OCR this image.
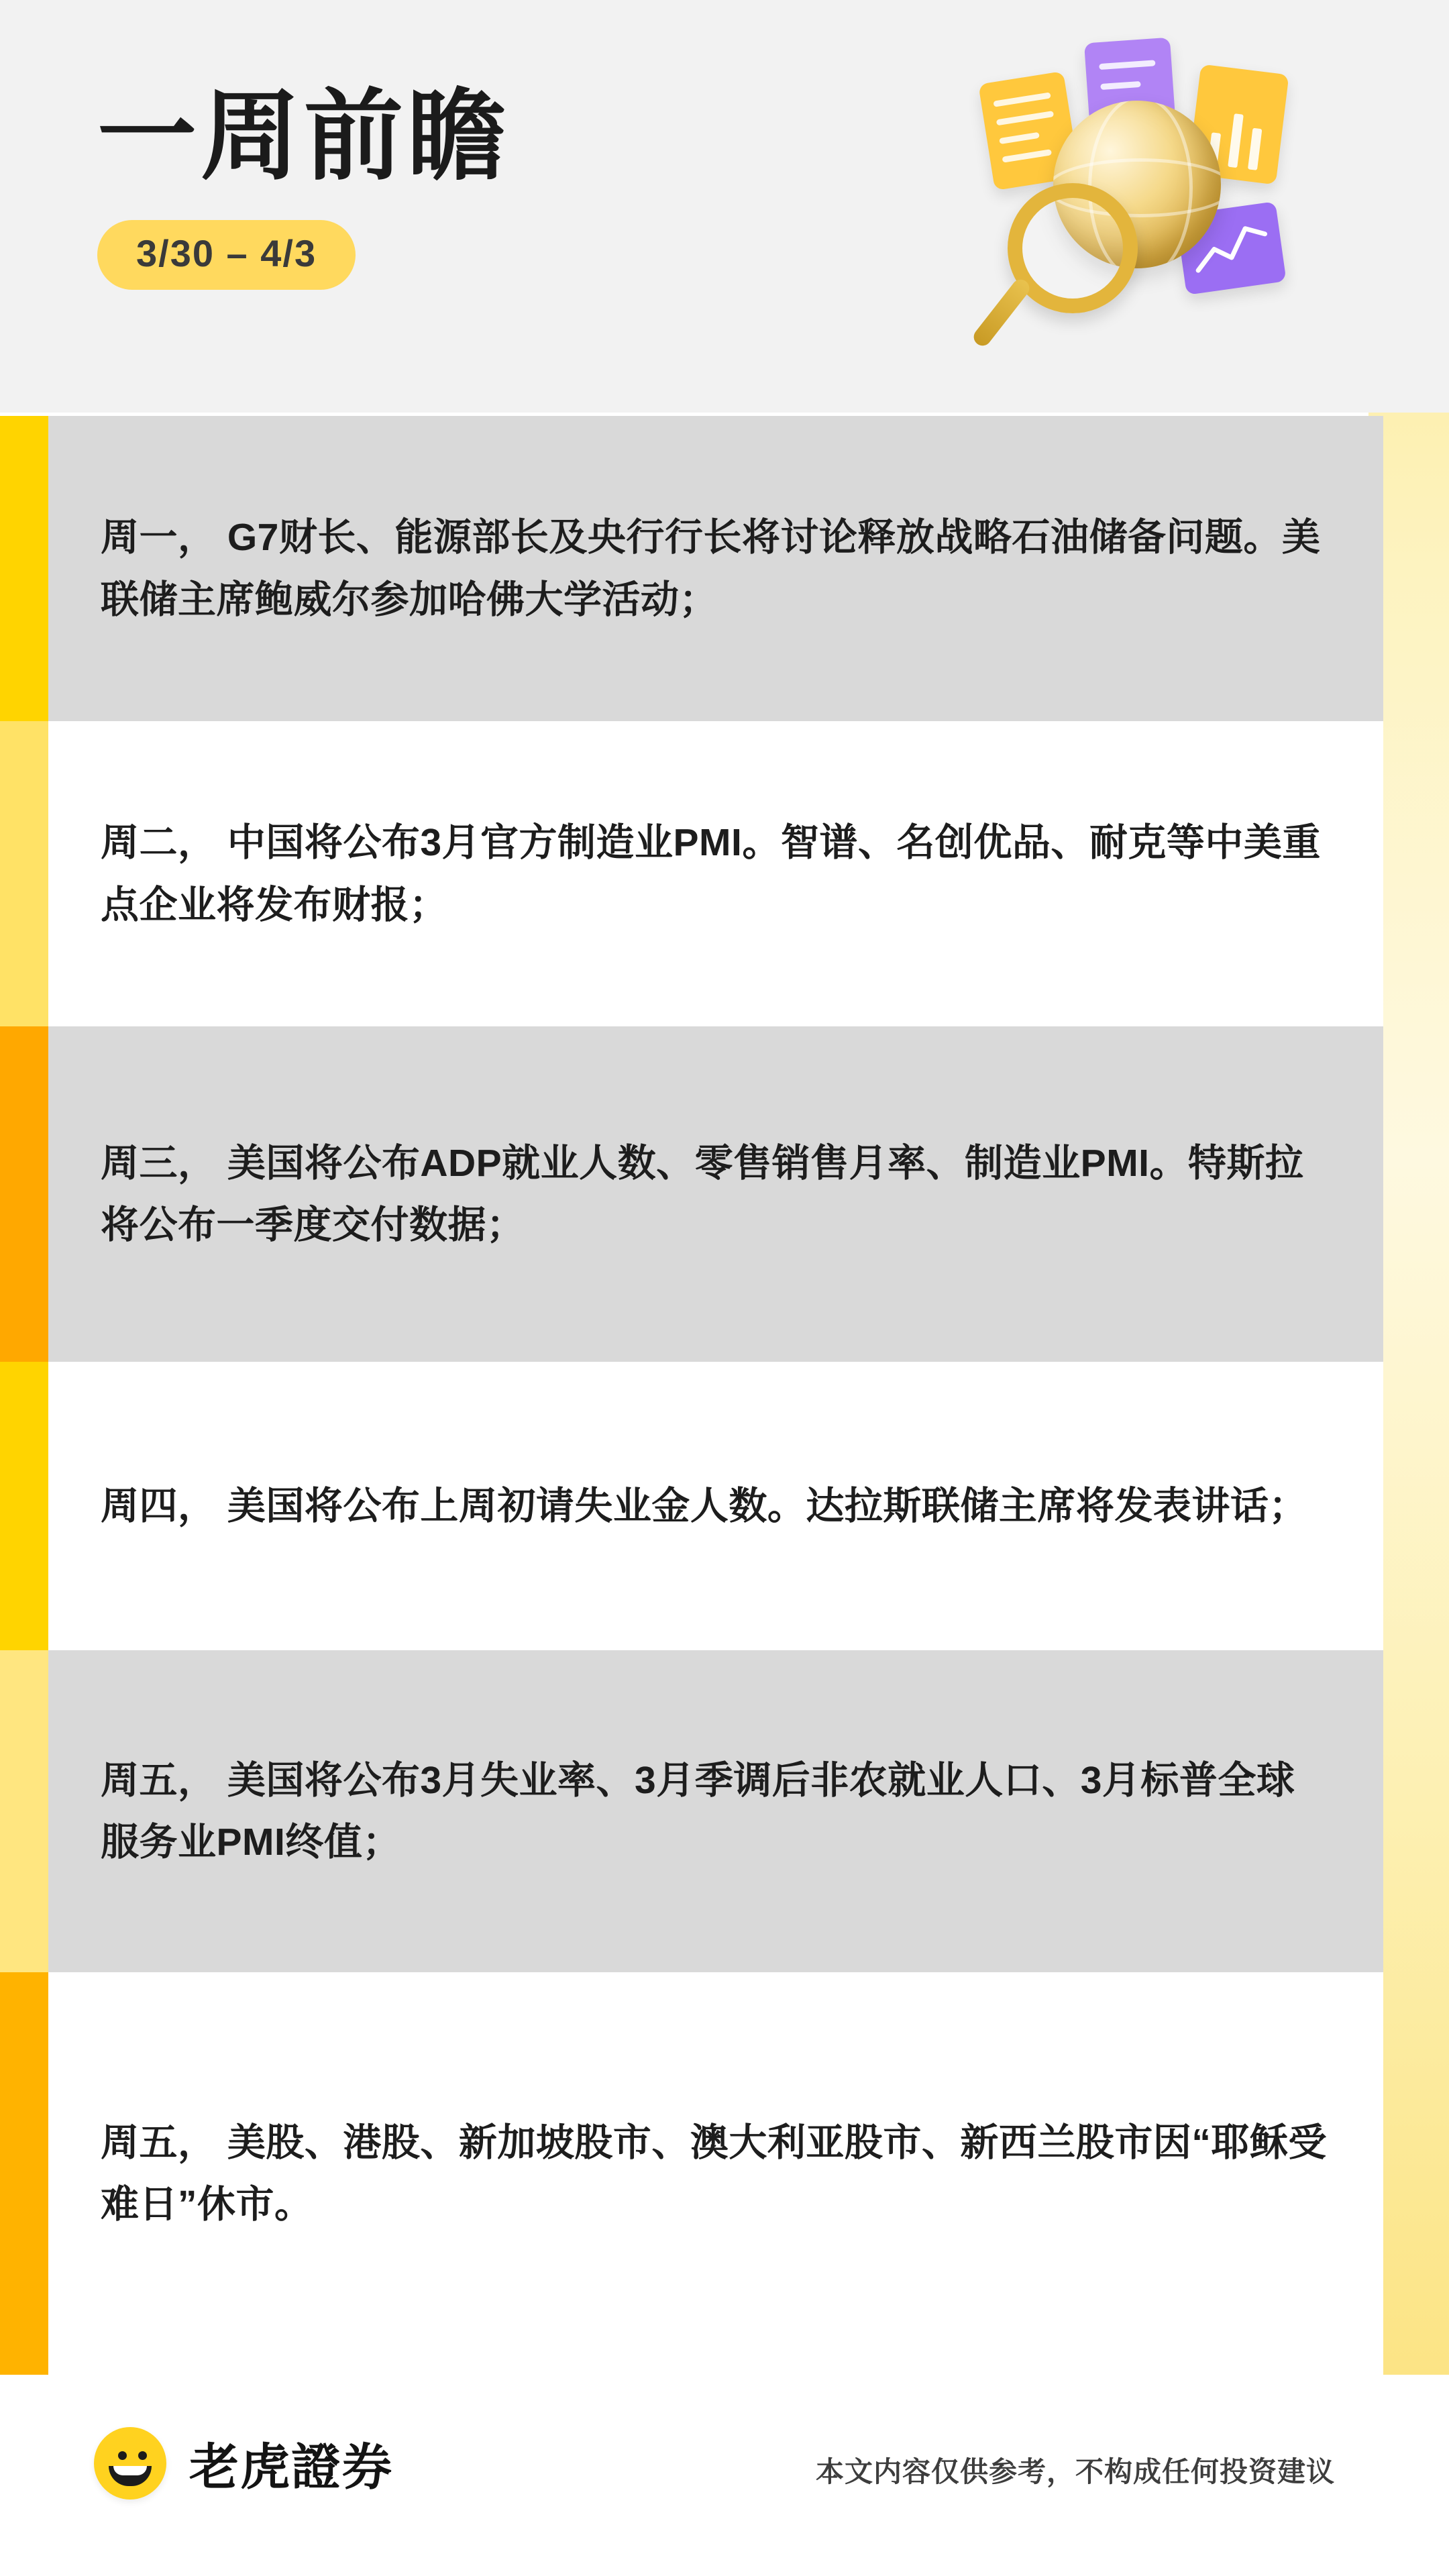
一周前瞻
3/30 – 4/3

周一， G7财长、能源部长及央行行长将讨论释放战略石油储备问题。美联储主席鲍威尔参加哈佛大学活动；

周二， 中国将公布3月官方制造业PMI。智谱、名创优品、耐克等中美重点企业将发布财报；

周三， 美国将公布ADP就业人数、零售销售月率、制造业PMI。特斯拉将公布一季度交付数据；

周四， 美国将公布上周初请失业金人数。达拉斯联储主席将发表讲话；

周五， 美国将公布3月失业率、3月季调后非农就业人口、3月标普全球服务业PMI终值；

周五， 美股、港股、新加坡股市、澳大利亚股市、新西兰股市因“耶稣受难日”休市。

老虎證券	本文内容仅供参考，不构成任何投资建议
